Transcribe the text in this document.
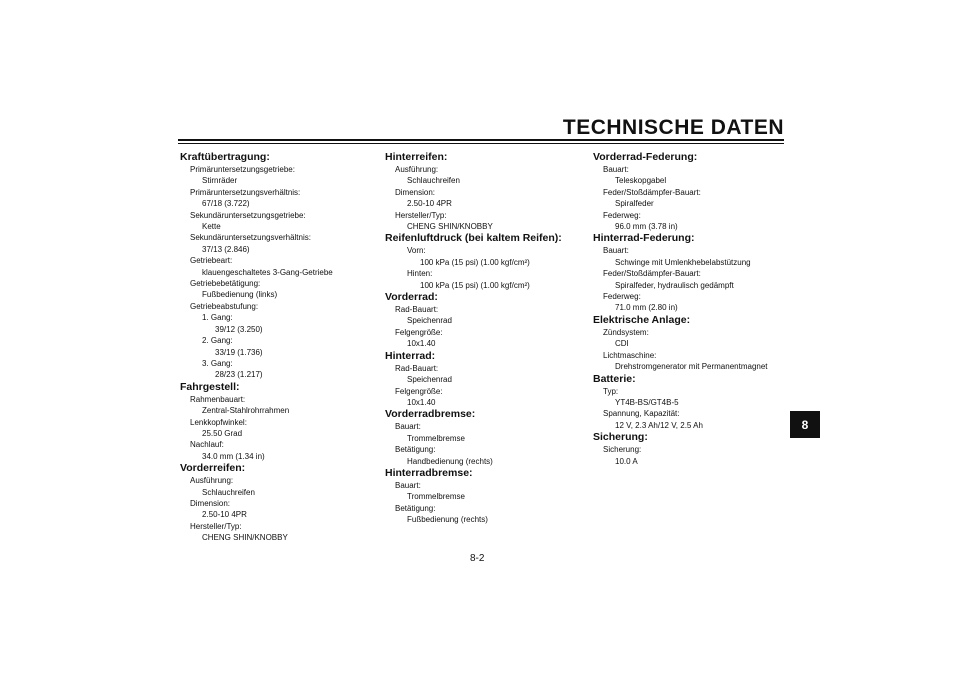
TECHNISCHE DATEN
Kraftübertragung:
Primäruntersetzungsgetriebe:
Stirnräder
Primäruntersetzungsverhältnis:
67/18 (3.722)
Sekundäruntersetzungsgetriebe:
Kette
Sekundäruntersetzungsverhältnis:
37/13 (2.846)
Getriebeart:
klauengeschaltetes 3-Gang-Getriebe
Getriebebetätigung:
Fußbedienung (links)
Getriebeabstufung:
1. Gang:
39/12 (3.250)
2. Gang:
33/19 (1.736)
3. Gang:
28/23 (1.217)
Fahrgestell:
Rahmenbauart:
Zentral-Stahlrohrrahmen
Lenkkopfwinkel:
25.50 Grad
Nachlauf:
34.0 mm (1.34 in)
Vorderreifen:
Ausführung:
Schlauchreifen
Dimension:
2.50-10 4PR
Hersteller/Typ:
CHENG SHIN/KNOBBY
Hinterreifen:
Ausführung:
Schlauchreifen
Dimension:
2.50-10 4PR
Hersteller/Typ:
CHENG SHIN/KNOBBY
Reifenluftdruck (bei kaltem Reifen):
Vorn:
100 kPa (15 psi) (1.00 kgf/cm²)
Hinten:
100 kPa (15 psi) (1.00 kgf/cm²)
Vorderrad:
Rad-Bauart:
Speichenrad
Felgengröße:
10x1.40
Hinterrad:
Rad-Bauart:
Speichenrad
Felgengröße:
10x1.40
Vorderradbremse:
Bauart:
Trommelbremse
Betätigung:
Handbedienung (rechts)
Hinterradbremse:
Bauart:
Trommelbremse
Betätigung:
Fußbedienung (rechts)
Vorderrad-Federung:
Bauart:
Teleskopgabel
Feder/Stoßdämpfer-Bauart:
Spiralfeder
Federweg:
96.0 mm (3.78 in)
Hinterrad-Federung:
Bauart:
Schwinge mit Umlenkhebelabstützung
Feder/Stoßdämpfer-Bauart:
Spiralfeder, hydraulisch gedämpft
Federweg:
71.0 mm (2.80 in)
Elektrische Anlage:
Zündsystem:
CDI
Lichtmaschine:
Drehstromgenerator mit Permanentmagnet
Batterie:
Typ:
YT4B-BS/GT4B-5
Spannung, Kapazität:
12 V, 2.3 Ah/12 V, 2.5 Ah
Sicherung:
Sicherung:
10.0 A
8
8-2
